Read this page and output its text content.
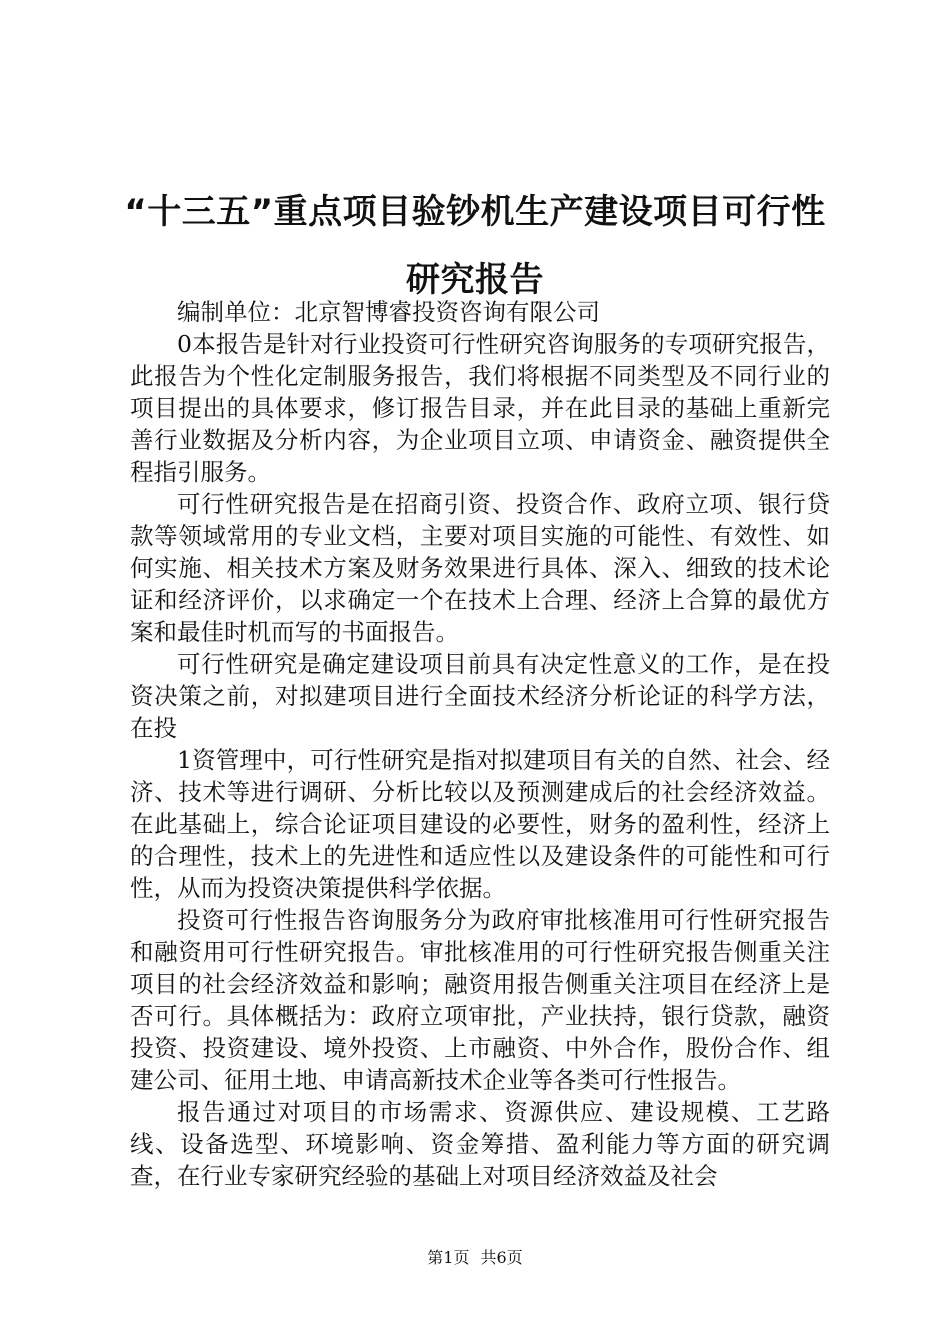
“十三五”重点项目验钞机生产建设项目可行性研究报告

编制单位：北京智博睿投资咨询有限公司

0本报告是针对行业投资可行性研究咨询服务的专项研究报告，此报告为个性化定制服务报告，我们将根据不同类型及不同行业的项目提出的具体要求，修订报告目录，并在此目录的基础上重新完善行业数据及分析内容，为企业项目立项、申请资金、融资提供全程指引服务。

可行性研究报告是在招商引资、投资合作、政府立项、银行贷款等领域常用的专业文档，主要对项目实施的可能性、有效性、如何实施、相关技术方案及财务效果进行具体、深入、细致的技术论证和经济评价，以求确定一个在技术上合理、经济上合算的最优方案和最佳时机而写的书面报告。

可行性研究是确定建设项目前具有决定性意义的工作，是在投资决策之前，对拟建项目进行全面技术经济分析论证的科学方法，在投

1资管理中，可行性研究是指对拟建项目有关的自然、社会、经济、技术等进行调研、分析比较以及预测建成后的社会经济效益。在此基础上，综合论证项目建设的必要性，财务的盈利性，经济上的合理性，技术上的先进性和适应性以及建设条件的可能性和可行性，从而为投资决策提供科学依据。

投资可行性报告咨询服务分为政府审批核准用可行性研究报告和融资用可行性研究报告。审批核准用的可行性研究报告侧重关注项目的社会经济效益和影响；融资用报告侧重关注项目在经济上是否可行。具体概括为：政府立项审批，产业扶持，银行贷款，融资投资、投资建设、境外投资、上市融资、中外合作，股份合作、组建公司、征用土地、申请高新技术企业等各类可行性报告。

报告通过对项目的市场需求、资源供应、建设规模、工艺路线、设备选型、环境影响、资金筹措、盈利能力等方面的研究调查，在行业专家研究经验的基础上对项目经济效益及社会

第1页 共6页
